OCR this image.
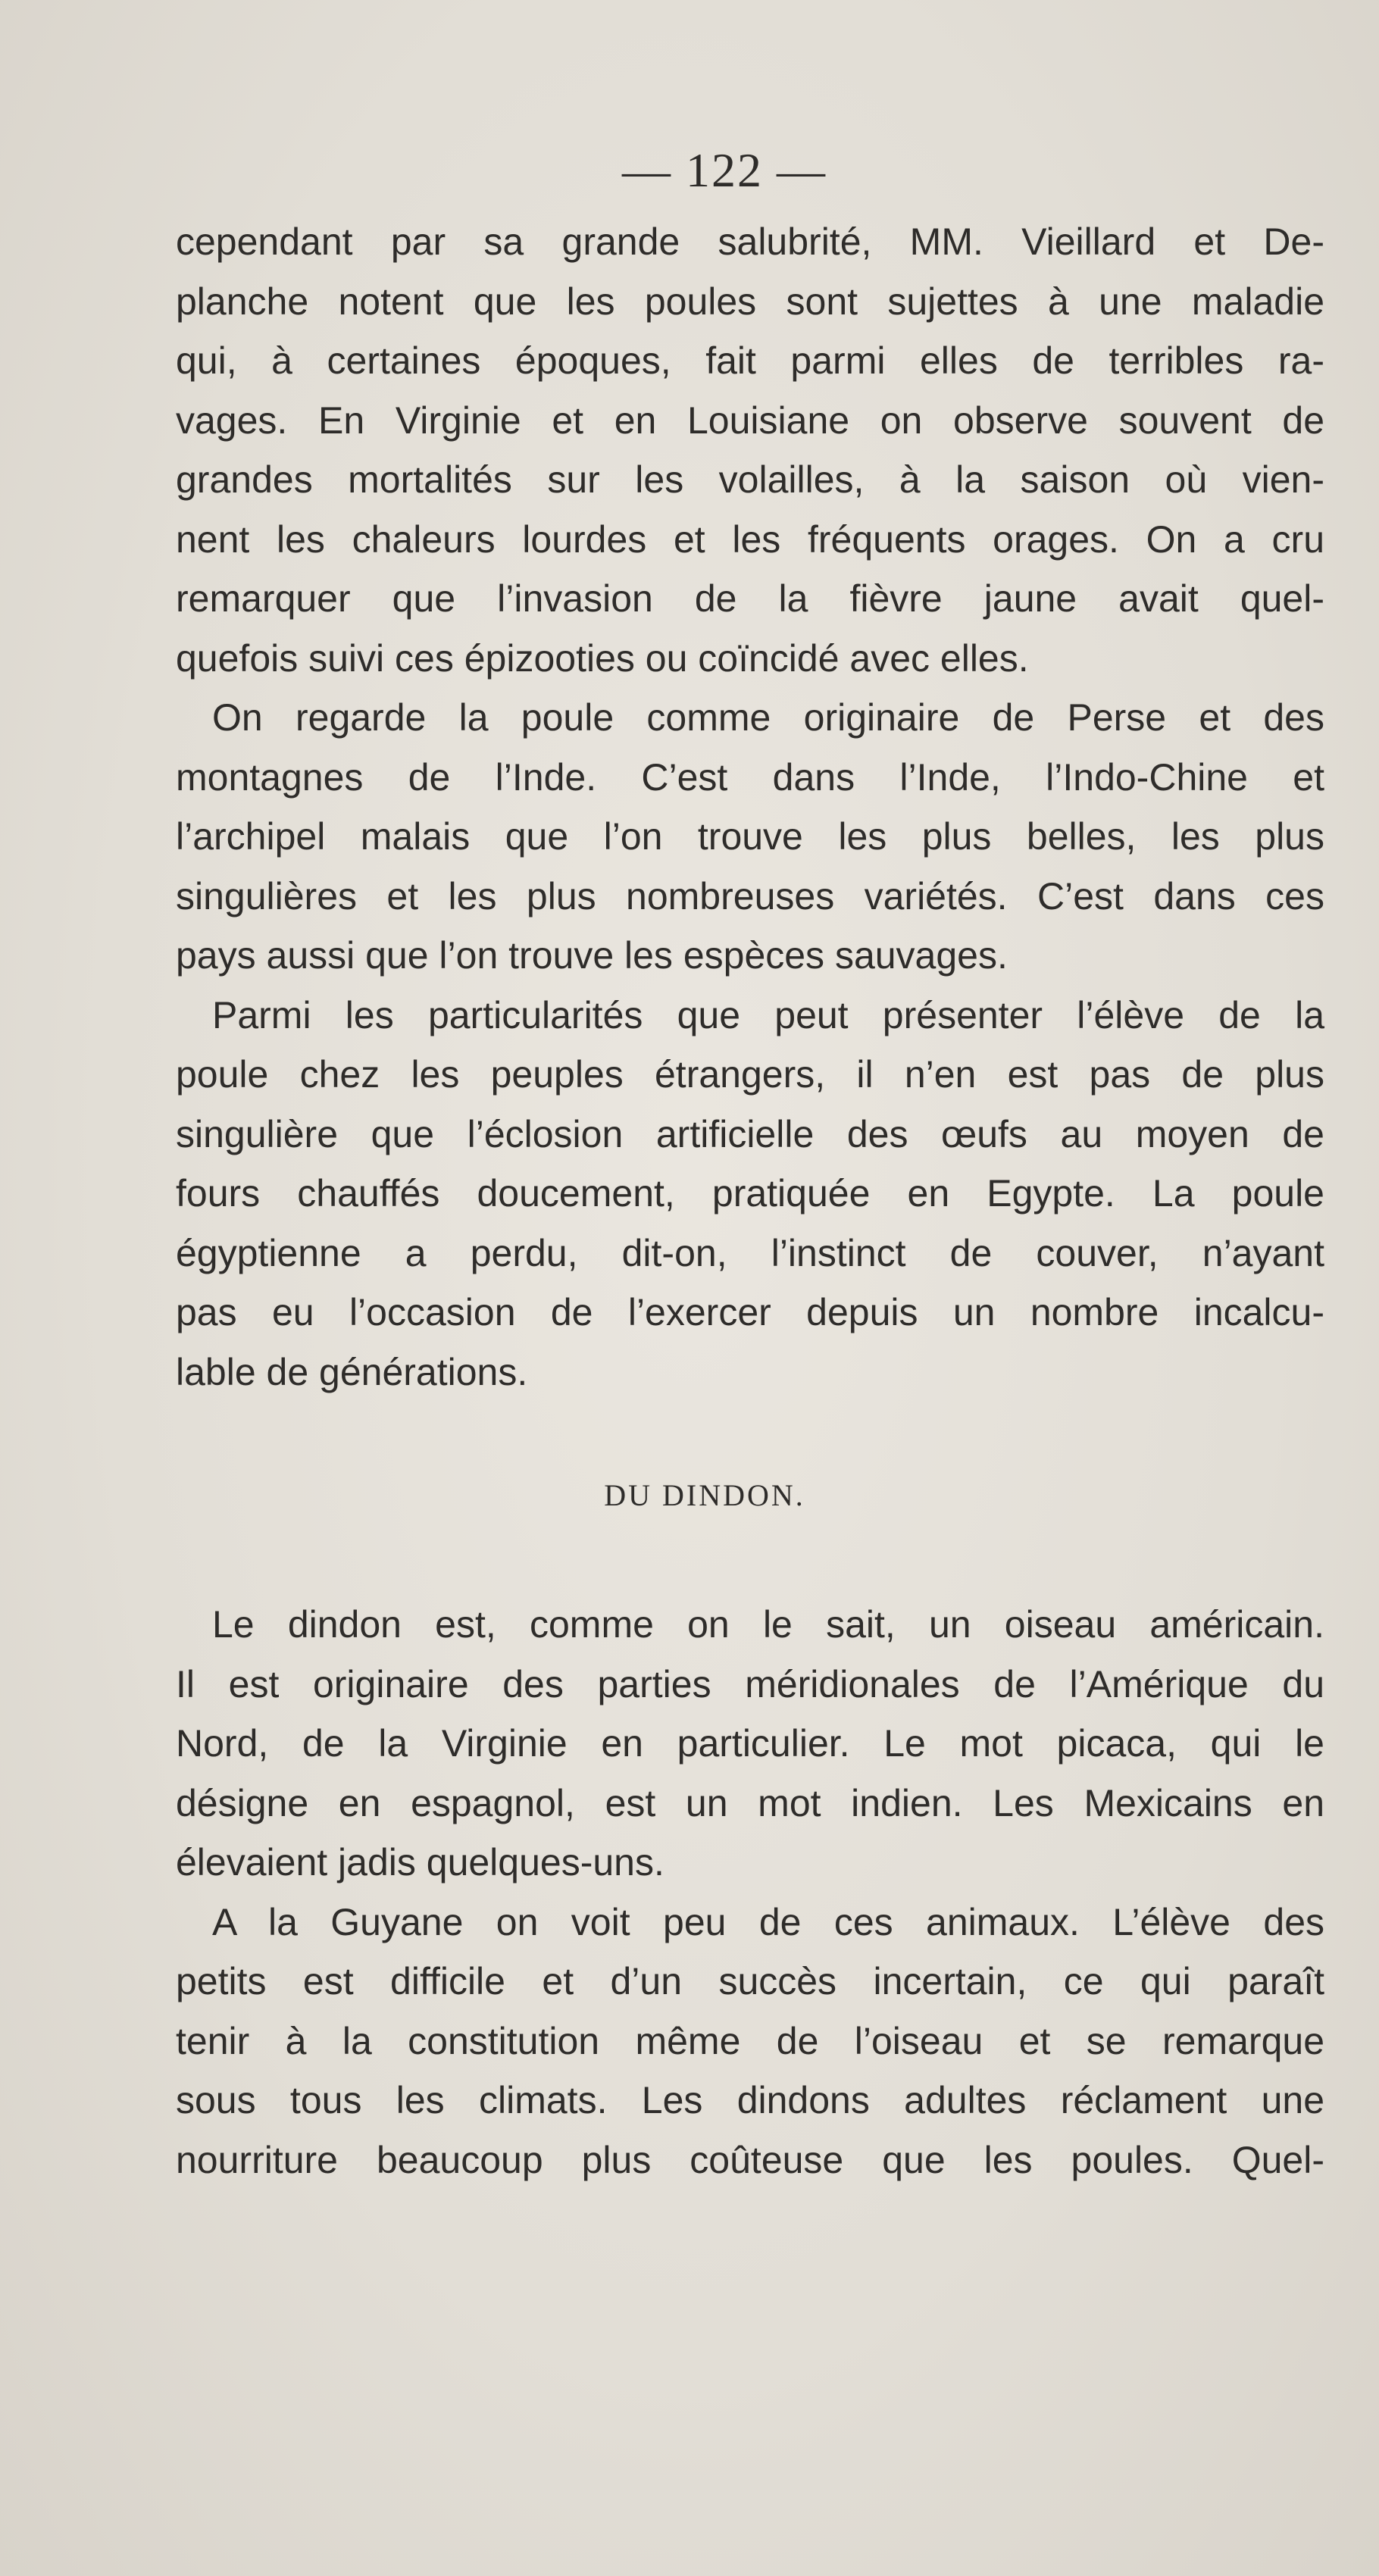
— 122 —

cependant par sa grande salubrité, MM. Vieillard et De-
planche notent que les poules sont sujettes à une maladie
qui, à certaines époques, fait parmi elles de terribles ra-
vages. En Virginie et en Louisiane on observe souvent de
grandes mortalités sur les volailles, à la saison où vien-
nent les chaleurs lourdes et les fréquents orages. On a cru
remarquer que l’invasion de la fièvre jaune avait quel-
quefois suivi ces épizooties ou coïncidé avec elles.

On regarde la poule comme originaire de Perse et des
montagnes de l’Inde. C’est dans l’Inde, l’Indo-Chine et
l’archipel malais que l’on trouve les plus belles, les plus
singulières et les plus nombreuses variétés. C’est dans ces
pays aussi que l’on trouve les espèces sauvages.

Parmi les particularités que peut présenter l’élève de la
poule chez les peuples étrangers, il n’en est pas de plus
singulière que l’éclosion artificielle des œufs au moyen de
fours chauffés doucement, pratiquée en Egypte. La poule
égyptienne a perdu, dit-on, l’instinct de couver, n’ayant
pas eu l’occasion de l’exercer depuis un nombre incalcu-
lable de générations.

DU DINDON.

Le dindon est, comme on le sait, un oiseau américain.
Il est originaire des parties méridionales de l’Amérique du
Nord, de la Virginie en particulier. Le mot picaca, qui le
désigne en espagnol, est un mot indien. Les Mexicains en
élevaient jadis quelques-uns.

A la Guyane on voit peu de ces animaux. L’élève des
petits est difficile et d’un succès incertain, ce qui paraît
tenir à la constitution même de l’oiseau et se remarque
sous tous les climats. Les dindons adultes réclament une
nourriture beaucoup plus coûteuse que les poules. Quel-
